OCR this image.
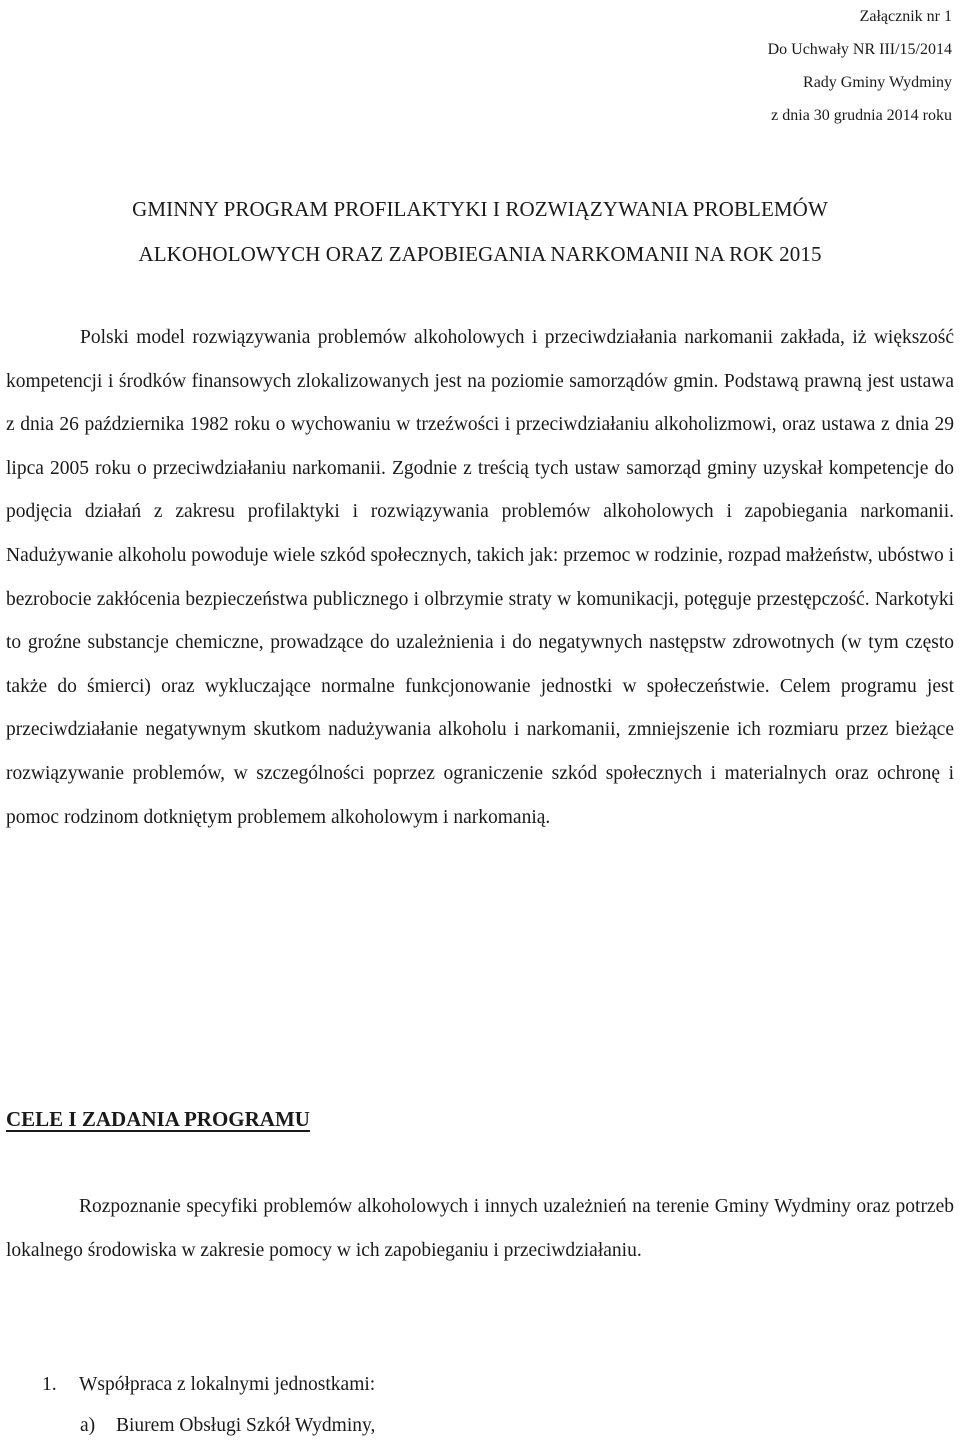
Załącznik nr 1
Do Uchwały NR III/15/2014
Rady Gminy Wydminy
z dnia 30 grudnia 2014 roku
GMINNY PROGRAM PROFILAKTYKI I ROZWIĄZYWANIA PROBLEMÓW
ALKOHOLOWYCH ORAZ ZAPOBIEGANIA NARKOMANII NA ROK 2015

Polski model rozwiązywania problemów alkoholowych i przeciwdziałania narkomanii zakłada, iż większość kompetencji i środków finansowych zlokalizowanych jest na poziomie samorządów gmin. Podstawą prawną jest ustawa z dnia 26 października 1982 roku o wychowaniu w trzeźwości i przeciwdziałaniu alkoholizmowi, oraz ustawa z dnia 29 lipca 2005 roku o przeciwdziałaniu narkomanii. Zgodnie z treścią tych ustaw samorząd gminy uzyskał kompetencje do podjęcia działań z zakresu profilaktyki i rozwiązywania problemów alkoholowych i zapobiegania narkomanii. Nadużywanie alkoholu powoduje wiele szkód społecznych, takich jak: przemoc w rodzinie, rozpad małżeństw, ubóstwo i bezrobocie zakłócenia bezpieczeństwa publicznego i olbrzymie straty w komunikacji, potęguje przestępczość. Narkotyki to groźne substancje chemiczne, prowadzące do uzależnienia i do negatywnych następstw zdrowotnych (w tym często także do śmierci) oraz wykluczające normalne funkcjonowanie jednostki w społeczeństwie. Celem programu jest przeciwdziałanie negatywnym skutkom nadużywania alkoholu i narkomanii, zmniejszenie ich rozmiaru przez bieżące rozwiązywanie problemów, w szczególności poprzez ograniczenie szkód społecznych i materialnych oraz ochronę i pomoc rodzinom dotkniętym problemem alkoholowym i narkomanią.

CELE I ZADANIA PROGRAMU

Rozpoznanie specyfiki problemów alkoholowych i innych uzależnień na terenie Gminy Wydminy oraz potrzeb lokalnego środowiska w zakresie pomocy w ich zapobieganiu i przeciwdziałaniu.

1. Współpraca z lokalnymi jednostkami:
a) Biurem Obsługi Szkół Wydminy,
